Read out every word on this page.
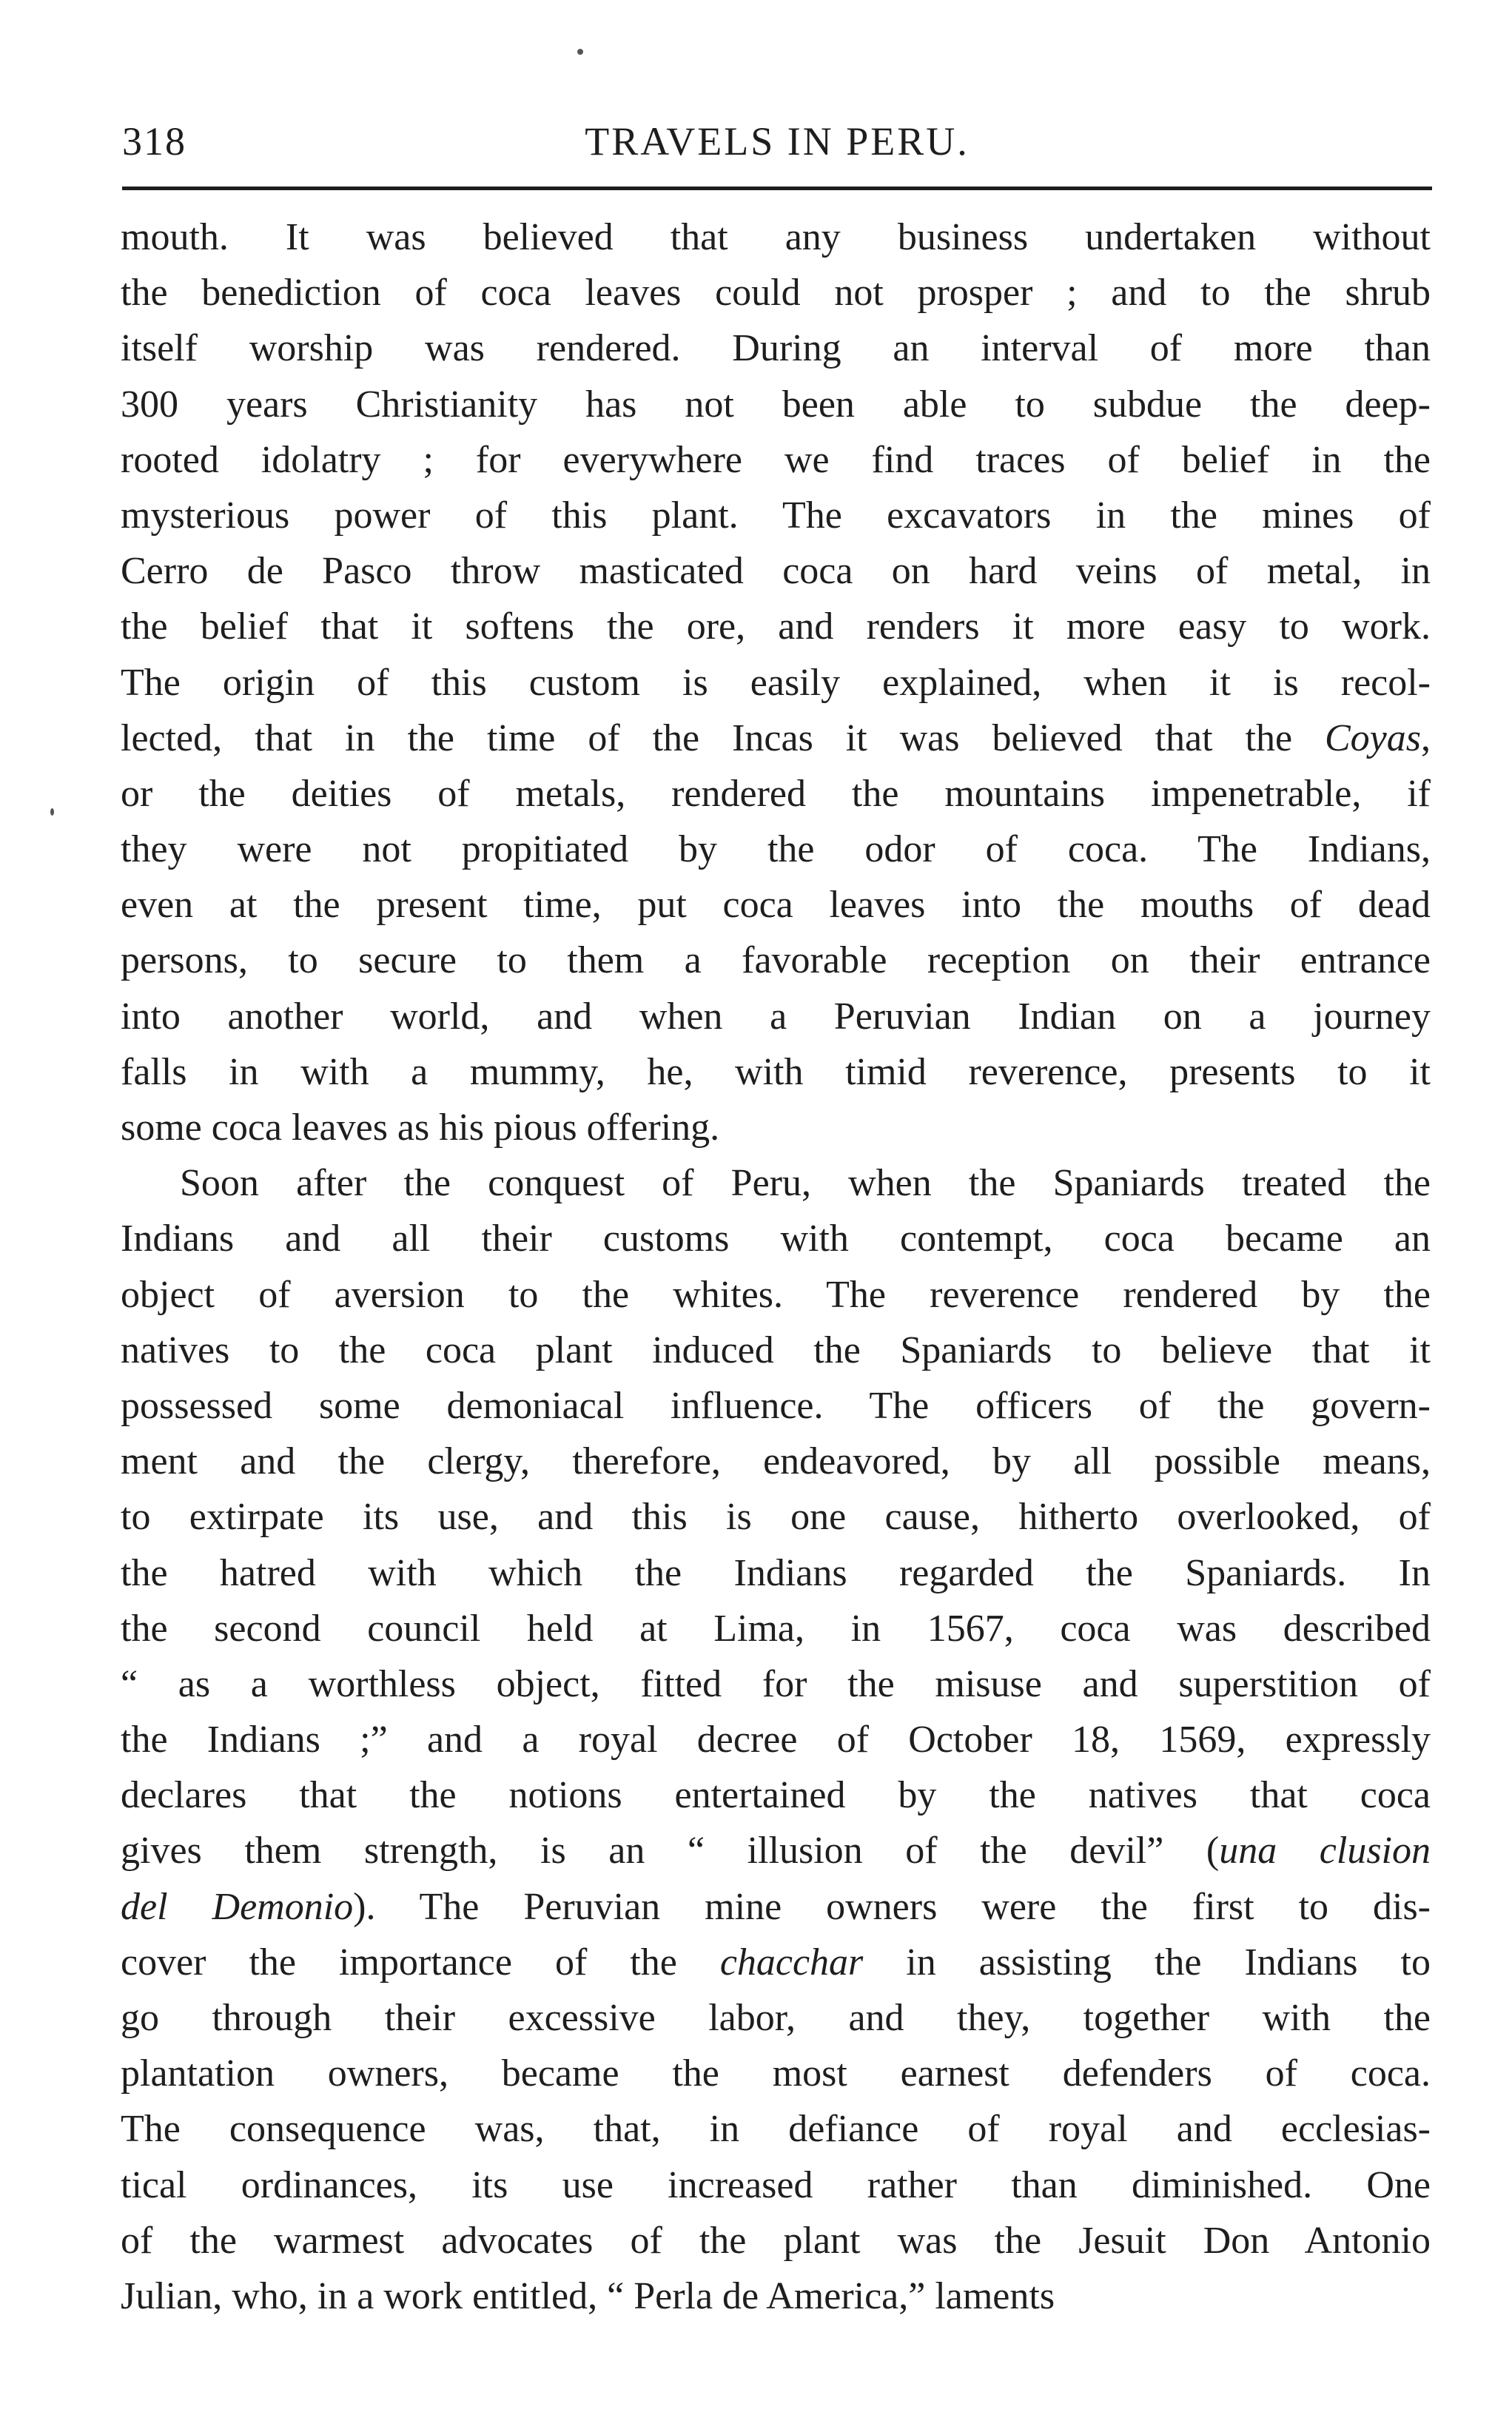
318	TRAVELS IN PERU.
mouth. It was believed that any business undertaken without
the benediction of coca leaves could not prosper ; and to the shrub
itself worship was rendered. During an interval of more than
300 years Christianity has not been able to subdue the deep-
rooted idolatry ; for everywhere we find traces of belief in the
mysterious power of this plant. The excavators in the mines of
Cerro de Pasco throw masticated coca on hard veins of metal, in
the belief that it softens the ore, and renders it more easy to work.
The origin of this custom is easily explained, when it is recol-
lected, that in the time of the Incas it was believed that the Coyas,
or the deities of metals, rendered the mountains impenetrable, if
they were not propitiated by the odor of coca. The Indians,
even at the present time, put coca leaves into the mouths of dead
persons, to secure to them a favorable reception on their entrance
into another world, and when a Peruvian Indian on a journey
falls in with a mummy, he, with timid reverence, presents to it
some coca leaves as his pious offering.
Soon after the conquest of Peru, when the Spaniards treated the
Indians and all their customs with contempt, coca became an
object of aversion to the whites. The reverence rendered by the
natives to the coca plant induced the Spaniards to believe that it
possessed some demoniacal influence. The officers of the govern-
ment and the clergy, therefore, endeavored, by all possible means,
to extirpate its use, and this is one cause, hitherto overlooked, of
the hatred with which the Indians regarded the Spaniards. In
the second council held at Lima, in 1567, coca was described
“ as a worthless object, fitted for the misuse and superstition of
the Indians ;” and a royal decree of October 18, 1569, expressly
declares that the notions entertained by the natives that coca
gives them strength, is an “ illusion of the devil” (una clusion
del Demonio). The Peruvian mine owners were the first to dis-
cover the importance of the chacchar in assisting the Indians to
go through their excessive labor, and they, together with the
plantation owners, became the most earnest defenders of coca.
The consequence was, that, in defiance of royal and ecclesias-
tical ordinances, its use increased rather than diminished. One
of the warmest advocates of the plant was the Jesuit Don Antonio
Julian, who, in a work entitled, “ Perla de America,” laments
